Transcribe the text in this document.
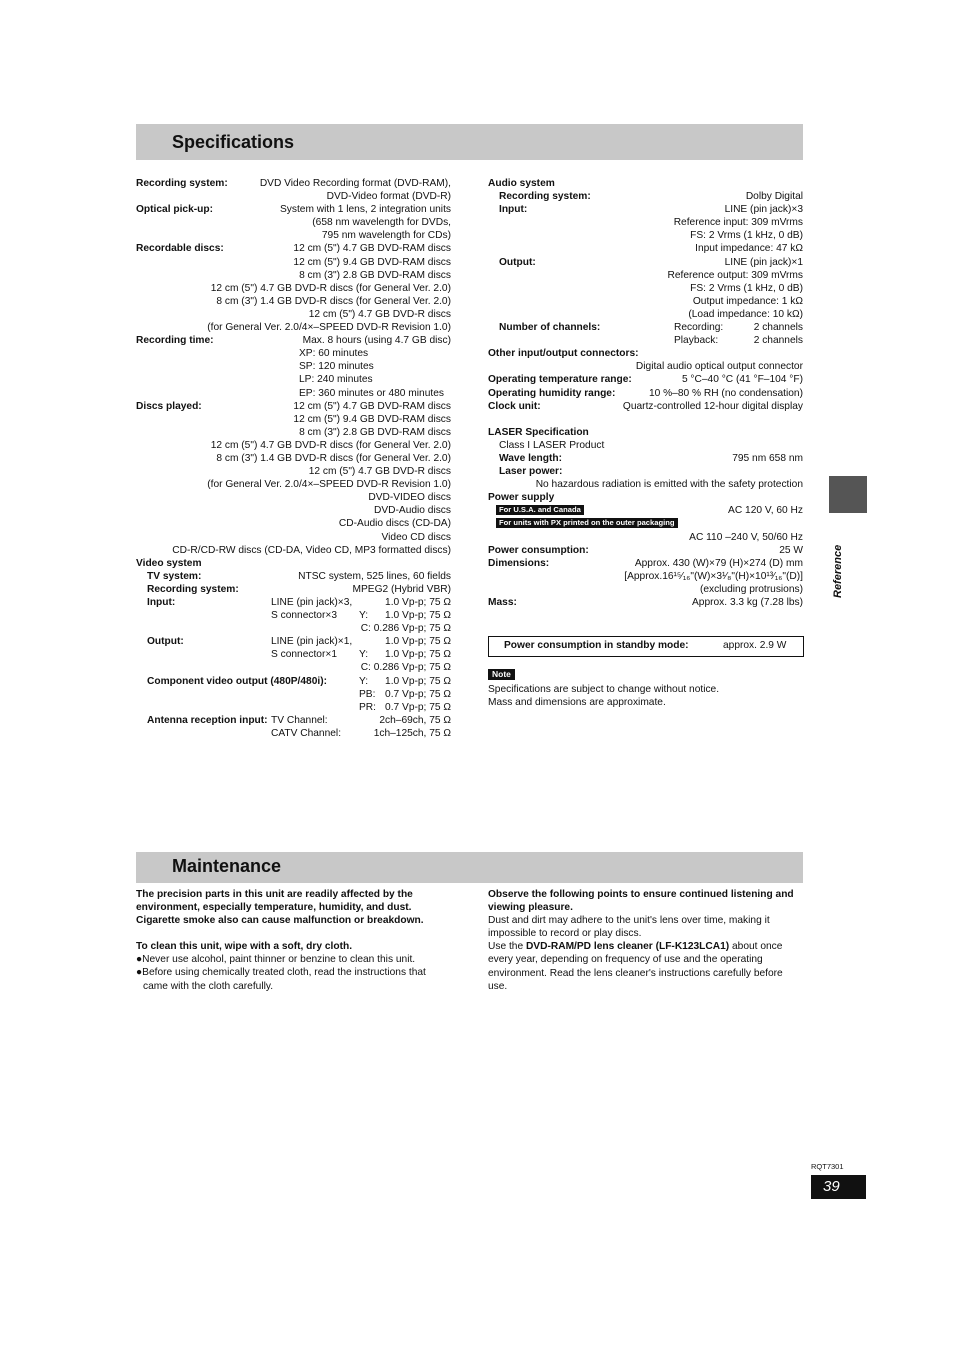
Specifications
Recording system:	DVD Video Recording format (DVD-RAM),
DVD-Video format (DVD-R)
Optical pick-up:	System with 1 lens, 2 integration units
(658 nm wavelength for DVDs,
795 nm wavelength for CDs)
Recordable discs:	12 cm (5") 4.7 GB DVD-RAM discs
12 cm (5") 9.4 GB DVD-RAM discs
8 cm (3") 2.8 GB DVD-RAM discs
12 cm (5") 4.7 GB DVD-R discs (for General Ver. 2.0)
8 cm (3") 1.4 GB DVD-R discs (for General Ver. 2.0)
12 cm (5") 4.7 GB DVD-R discs
(for General Ver. 2.0/4×–SPEED DVD-R Revision 1.0)
Recording time:	Max. 8 hours (using 4.7 GB disc)
XP: 60 minutes
SP: 120 minutes
LP: 240 minutes
EP: 360 minutes or 480 minutes
Discs played:	12 cm (5") 4.7 GB DVD-RAM discs
12 cm (5") 9.4 GB DVD-RAM discs
8 cm (3") 2.8 GB DVD-RAM discs
12 cm (5") 4.7 GB DVD-R discs (for General Ver. 2.0)
8 cm (3") 1.4 GB DVD-R discs (for General Ver. 2.0)
12 cm (5") 4.7 GB DVD-R discs
(for General Ver. 2.0/4×–SPEED DVD-R Revision 1.0)
DVD-VIDEO discs
DVD-Audio discs
CD-Audio discs (CD-DA)
Video CD discs
CD-R/CD-RW discs (CD-DA, Video CD, MP3 formatted discs)
Video system
TV system:	NTSC system, 525 lines, 60 fields
Recording system:	MPEG2 (Hybrid VBR)
Input:	LINE (pin jack)×3,	1.0 Vp-p; 75 Ω
S connector×3 Y: 1.0 Vp-p; 75 Ω
C: 0.286 Vp-p; 75 Ω
Output:	LINE (pin jack)×1,	1.0 Vp-p; 75 Ω
S connector×1 Y: 1.0 Vp-p; 75 Ω
C: 0.286 Vp-p; 75 Ω
Component video output (480P/480i):	Y: 1.0 Vp-p; 75 Ω
PB: 0.7 Vp-p; 75 Ω
PR: 0.7 Vp-p; 75 Ω
Antenna reception input: TV Channel:	2ch–69ch, 75 Ω
CATV Channel:	1ch–125ch, 75 Ω
Audio system
Recording system:	Dolby Digital
Input:	LINE (pin jack)×3
Reference input: 309 mVrms
FS: 2 Vrms (1 kHz, 0 dB)
Input impedance: 47 kΩ
Output:	LINE (pin jack)×1
Reference output: 309 mVrms
FS: 2 Vrms (1 kHz, 0 dB)
Output impedance: 1 kΩ
(Load impedance: 10 kΩ)
Number of channels:	Recording:	2 channels
Playback:	2 channels
Other input/output connectors:
Digital audio optical output connector
Operating temperature range:	5 °C–40 °C (41 °F–104 °F)
Operating humidity range:	10 %–80 % RH (no condensation)
Clock unit:	Quartz-controlled 12-hour digital display
LASER Specification
Class I LASER Product
Wave length:	795 nm 658 nm
Laser power:
No hazardous radiation is emitted with the safety protection
Power supply
For U.S.A. and Canada	AC 120 V, 60 Hz
For units with PX printed on the outer packaging
AC 110 –240 V, 50/60 Hz
Power consumption:	25 W
Dimensions:	Approx. 430 (W)×79 (H)×274 (D) mm
[Approx.16¹⁵⁄₁₆"(W)×3¹⁄₈"(H)×10¹³⁄₁₆"(D)]
(excluding protrusions)
Mass:	Approx. 3.3 kg (7.28 lbs)
Power consumption in standby mode:	approx. 2.9 W
Note
Specifications are subject to change without notice.
Mass and dimensions are approximate.
Maintenance

The precision parts in this unit are readily affected by the environment, especially temperature, humidity, and dust. Cigarette smoke also can cause malfunction or breakdown.

To clean this unit, wipe with a soft, dry cloth.

●Never use alcohol, paint thinner or benzine to clean this unit.

●Before using chemically treated cloth, read the instructions that came with the cloth carefully.

Observe the following points to ensure continued listening and viewing pleasure.

Dust and dirt may adhere to the unit's lens over time, making it impossible to record or play discs.

Use the DVD-RAM/PD lens cleaner (LF-K123LCA1) about once every year, depending on frequency of use and the operating environment. Read the lens cleaner's instructions carefully before use.

Reference
RQT7301
39
